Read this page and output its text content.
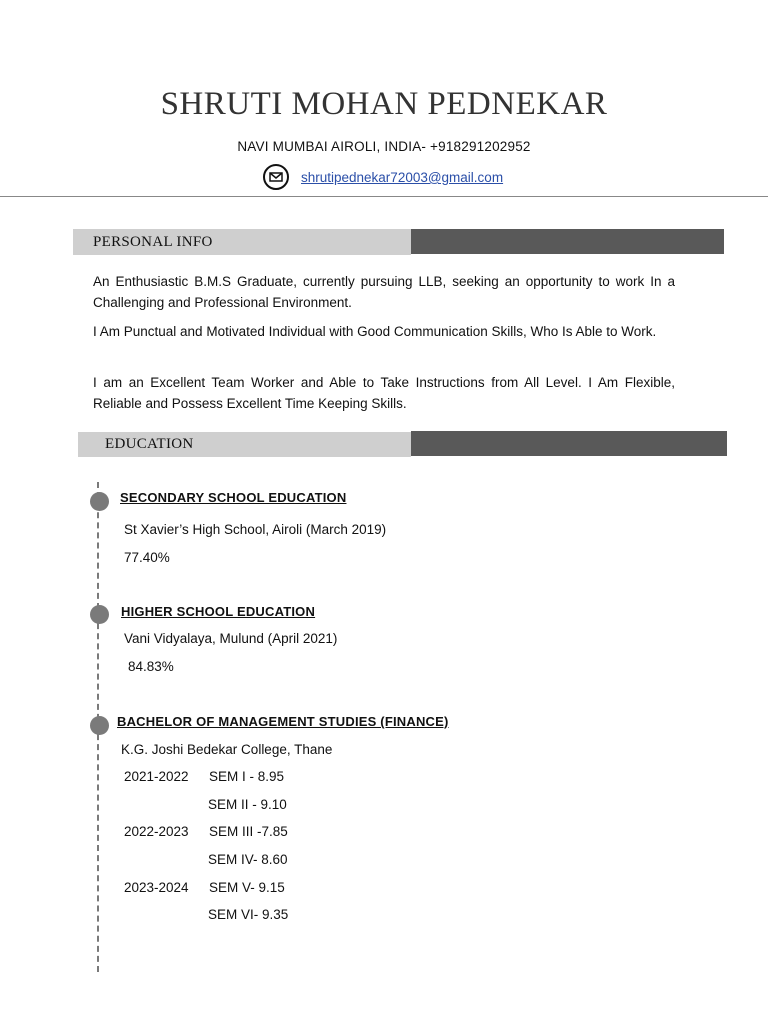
SHRUTI MOHAN PEDNEKAR
NAVI MUMBAI AIROLI, INDIA- +918291202952
shrutipednekar72003@gmail.com
PERSONAL INFO
An Enthusiastic B.M.S Graduate, currently pursuing LLB, seeking an opportunity to work In a Challenging and Professional Environment.
I Am Punctual and Motivated Individual with Good Communication Skills, Who Is Able to Work.
I am an Excellent Team Worker and Able to Take Instructions from All Level. I Am Flexible, Reliable and Possess Excellent Time Keeping Skills.
EDUCATION
SECONDARY SCHOOL EDUCATION
St Xavier’s High School, Airoli (March 2019)
77.40%
HIGHER SCHOOL EDUCATION
Vani Vidyalaya, Mulund (April 2021)
84.83%
BACHELOR OF MANAGEMENT STUDIES (FINANCE)
K.G. Joshi Bedekar College, Thane
2021-2022 SEM I - 8.95
SEM II - 9.10
2022-2023 SEM III -7.85
SEM IV- 8.60
2023-2024 SEM V- 9.15
SEM VI- 9.35
